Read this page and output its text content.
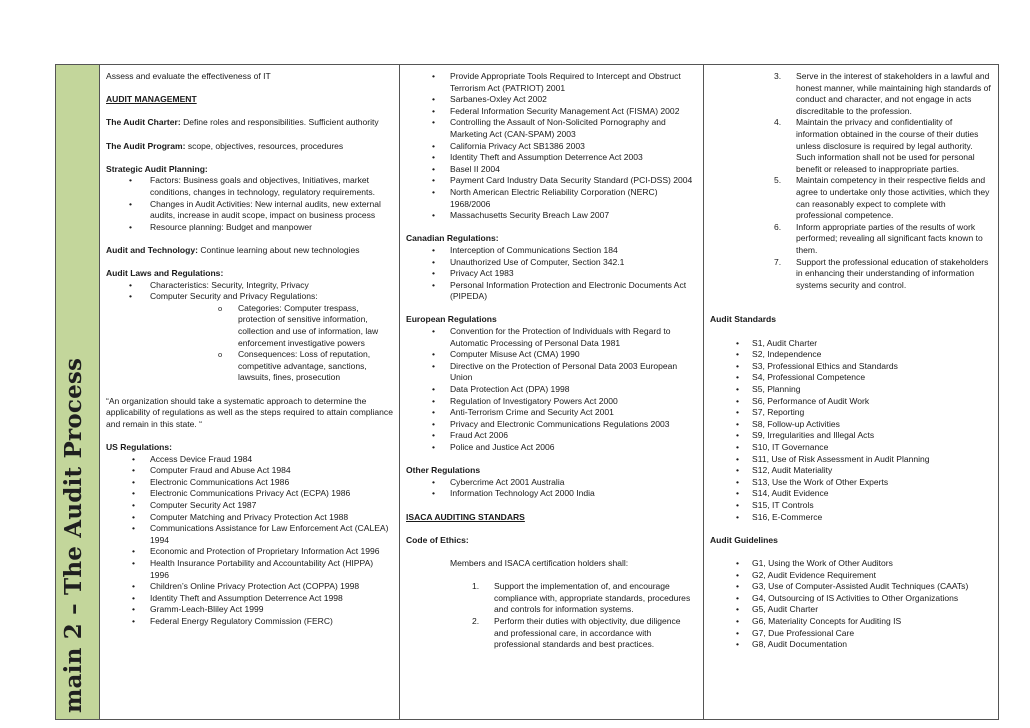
main 2 – The Audit Process
Assess and evaluate the effectiveness of IT
AUDIT MANAGEMENT
The Audit Charter: Define roles and responsibilities. Sufficient authority
The Audit Program: scope, objectives, resources, procedures
Strategic Audit Planning:
• Factors: Business goals and objectives, Initiatives, market conditions, changes in technology, regulatory requirements.
• Changes in Audit Activities: New internal audits, new external audits, increase in audit scope, impact on business process
• Resource planning: Budget and manpower
Audit and Technology: Continue learning about new technologies
Audit Laws and Regulations:
• Characteristics: Security, Integrity, Privacy
• Computer Security and Privacy Regulations:
o Categories: Computer trespass, protection of sensitive information, collection and use of information, law enforcement investigative powers
o Consequences: Loss of reputation, competitive advantage, sanctions, lawsuits, fines, prosecution
“An organization should take a systematic approach to determine the applicability of regulations as well as the steps required to attain compliance and remain in this state. “
US Regulations:
• Access Device Fraud 1984
• Computer Fraud and Abuse Act 1984
• Electronic Communications Act 1986
• Electronic Communications Privacy Act (ECPA) 1986
• Computer Security Act 1987
• Computer Matching and Privacy Protection Act 1988
• Communications Assistance for Law Enforcement Act (CALEA) 1994
• Economic and Protection of Proprietary Information Act 1996
• Health Insurance Portability and Accountability Act (HIPPA) 1996
• Children’s Online Privacy Protection Act (COPPA) 1998
• Identity Theft and Assumption Deterrence Act 1998
• Gramm-Leach-Bliley Act 1999
• Federal Energy Regulatory Commission (FERC)
• Provide Appropriate Tools Required to Intercept and Obstruct Terrorism Act (PATRIOT) 2001
• Sarbanes-Oxley Act 2002
• Federal Information Security Management Act (FISMA) 2002
• Controlling the Assault of Non-Solicited Pornography and Marketing Act (CAN-SPAM) 2003
• California Privacy Act SB1386 2003
• Identity Theft and Assumption Deterrence Act 2003
• Basel II 2004
• Payment Card Industry Data Security Standard (PCI-DSS) 2004
• North American Electric Reliability Corporation (NERC) 1968/2006
• Massachusetts Security Breach Law 2007
Canadian Regulations:
• Interception of Communications Section 184
• Unauthorized Use of Computer, Section 342.1
• Privacy Act 1983
• Personal Information Protection and Electronic Documents Act (PIPEDA)
European Regulations
• Convention for the Protection of Individuals with Regard to Automatic Processing of Personal Data 1981
• Computer Misuse Act (CMA) 1990
• Directive on the Protection of Personal Data 2003 European Union
• Data Protection Act (DPA) 1998
• Regulation of Investigatory Powers Act 2000
• Anti-Terrorism Crime and Security Act 2001
• Privacy and Electronic Communications Regulations 2003
• Fraud Act 2006
• Police and Justice Act 2006
Other Regulations
• Cybercrime Act 2001 Australia
• Information Technology Act 2000 India
ISACA AUDITING STANDARS
Code of Ethics:
Members and ISACA certification holders shall:
1. Support the implementation of, and encourage compliance with, appropriate standards, procedures and controls for information systems.
2. Perform their duties with objectivity, due diligence and professional care, in accordance with professional standards and best practices.
3. Serve in the interest of stakeholders in a lawful and honest manner, while maintaining high standards of conduct and character, and not engage in acts discreditable to the profession.
4. Maintain the privacy and confidentiality of information obtained in the course of their duties unless disclosure is required by legal authority. Such information shall not be used for personal benefit or released to inappropriate parties.
5. Maintain competency in their respective fields and agree to undertake only those activities, which they can reasonably expect to complete with professional competence.
6. Inform appropriate parties of the results of work performed; revealing all significant facts known to them.
7. Support the professional education of stakeholders in enhancing their understanding of information systems security and control.
Audit Standards
• S1, Audit Charter
• S2, Independence
• S3, Professional Ethics and Standards
• S4, Professional Competence
• S5, Planning
• S6, Performance of Audit Work
• S7, Reporting
• S8, Follow-up Activities
• S9, Irregularities and Illegal Acts
• S10, IT Governance
• S11, Use of Risk Assessment in Audit Planning
• S12, Audit Materiality
• S13, Use the Work of Other Experts
• S14, Audit Evidence
• S15, IT Controls
• S16, E-Commerce
Audit Guidelines
• G1, Using the Work of Other Auditors
• G2, Audit Evidence Requirement
• G3, Use of Computer-Assisted Audit Techniques (CAATs)
• G4, Outsourcing of IS Activities to Other Organizations
• G5, Audit Charter
• G6, Materiality Concepts for Auditing IS
• G7, Due Professional Care
• G8, Audit Documentation
